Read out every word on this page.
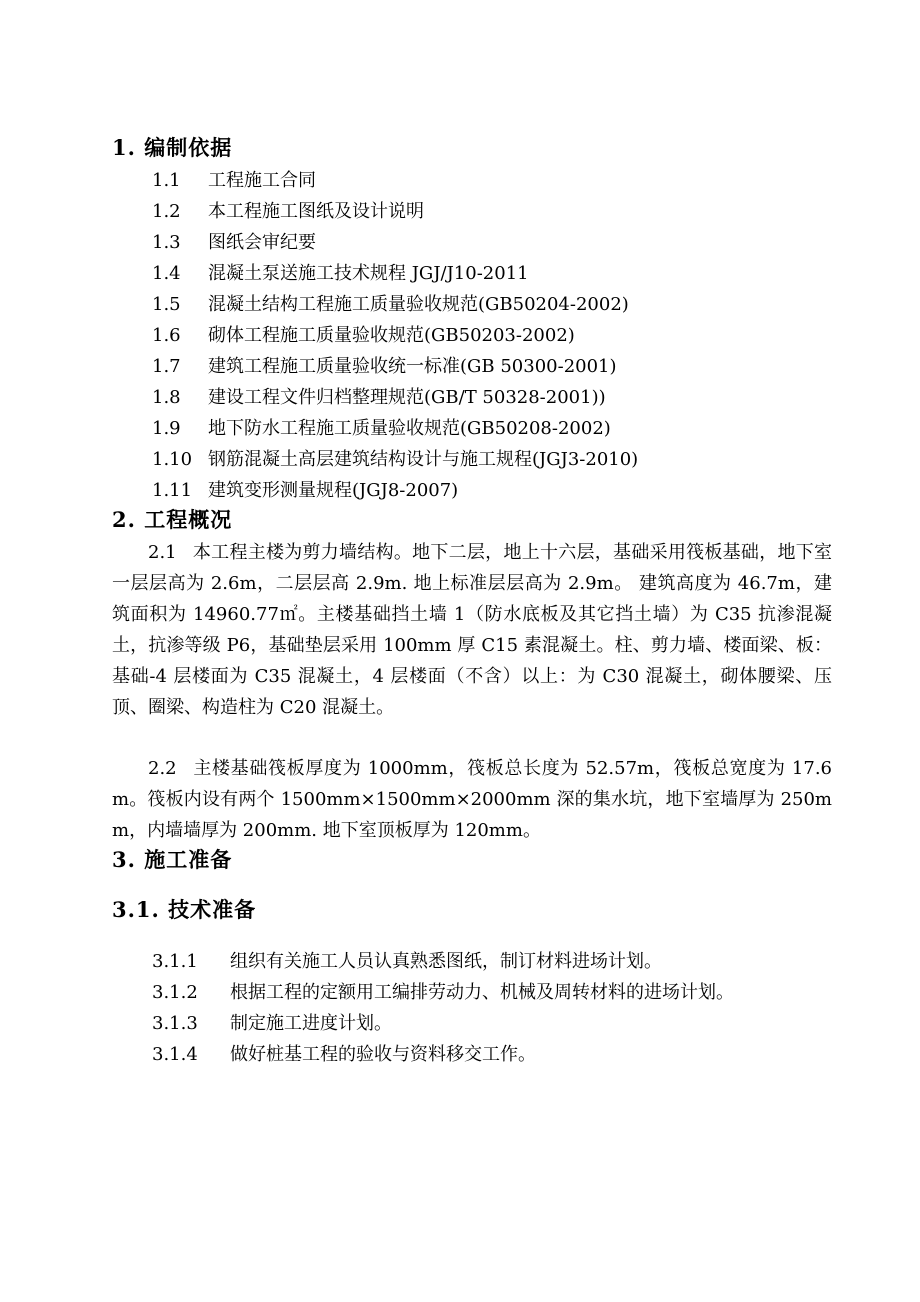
1. 编制依据
1.1 工程施工合同
1.2 本工程施工图纸及设计说明
1.3 图纸会审纪要
1.4 混凝土泵送施工技术规程 JGJ/J10-2011
1.5 混凝土结构工程施工质量验收规范(GB50204-2002)
1.6 砌体工程施工质量验收规范(GB50203-2002)
1.7 建筑工程施工质量验收统一标准(GB 50300-2001)
1.8 建设工程文件归档整理规范(GB/T 50328-2001))
1.9 地下防水工程施工质量验收规范(GB50208-2002)
1.10 钢筋混凝土高层建筑结构设计与施工规程(JGJ3-2010)
1.11 建筑变形测量规程(JGJ8-2007)
2. 工程概况

2.1 本工程主楼为剪力墙结构。地下二层，地上十六层，基础采用筏板基础，地下室一层层高为 2.6m，二层层高 2.9m. 地上标准层层高为 2.9m。 建筑高度为 46.7m，建筑面积为 14960.77㎡。主楼基础挡土墙 1（防水底板及其它挡土墙）为 C35 抗渗混凝土，抗渗等级 P6，基础垫层采用 100mm 厚 C15 素混凝土。柱、剪力墙、楼面梁、板：基础-4 层楼面为 C35 混凝土，4 层楼面（不含）以上：为 C30 混凝土，砌体腰梁、压顶、圈梁、构造柱为 C20 混凝土。

2.2 主楼基础筏板厚度为 1000mm，筏板总长度为 52.57m，筏板总宽度为 17.6m。筏板内设有两个 1500mm×1500mm×2000mm 深的集水坑，地下室墙厚为 250mm，内墙墙厚为 200mm. 地下室顶板厚为 120mm。

3. 施工准备
3.1. 技术准备
3.1.1 组织有关施工人员认真熟悉图纸，制订材料进场计划。
3.1.2 根据工程的定额用工编排劳动力、机械及周转材料的进场计划。
3.1.3 制定施工进度计划。
3.1.4 做好桩基工程的验收与资料移交工作。
